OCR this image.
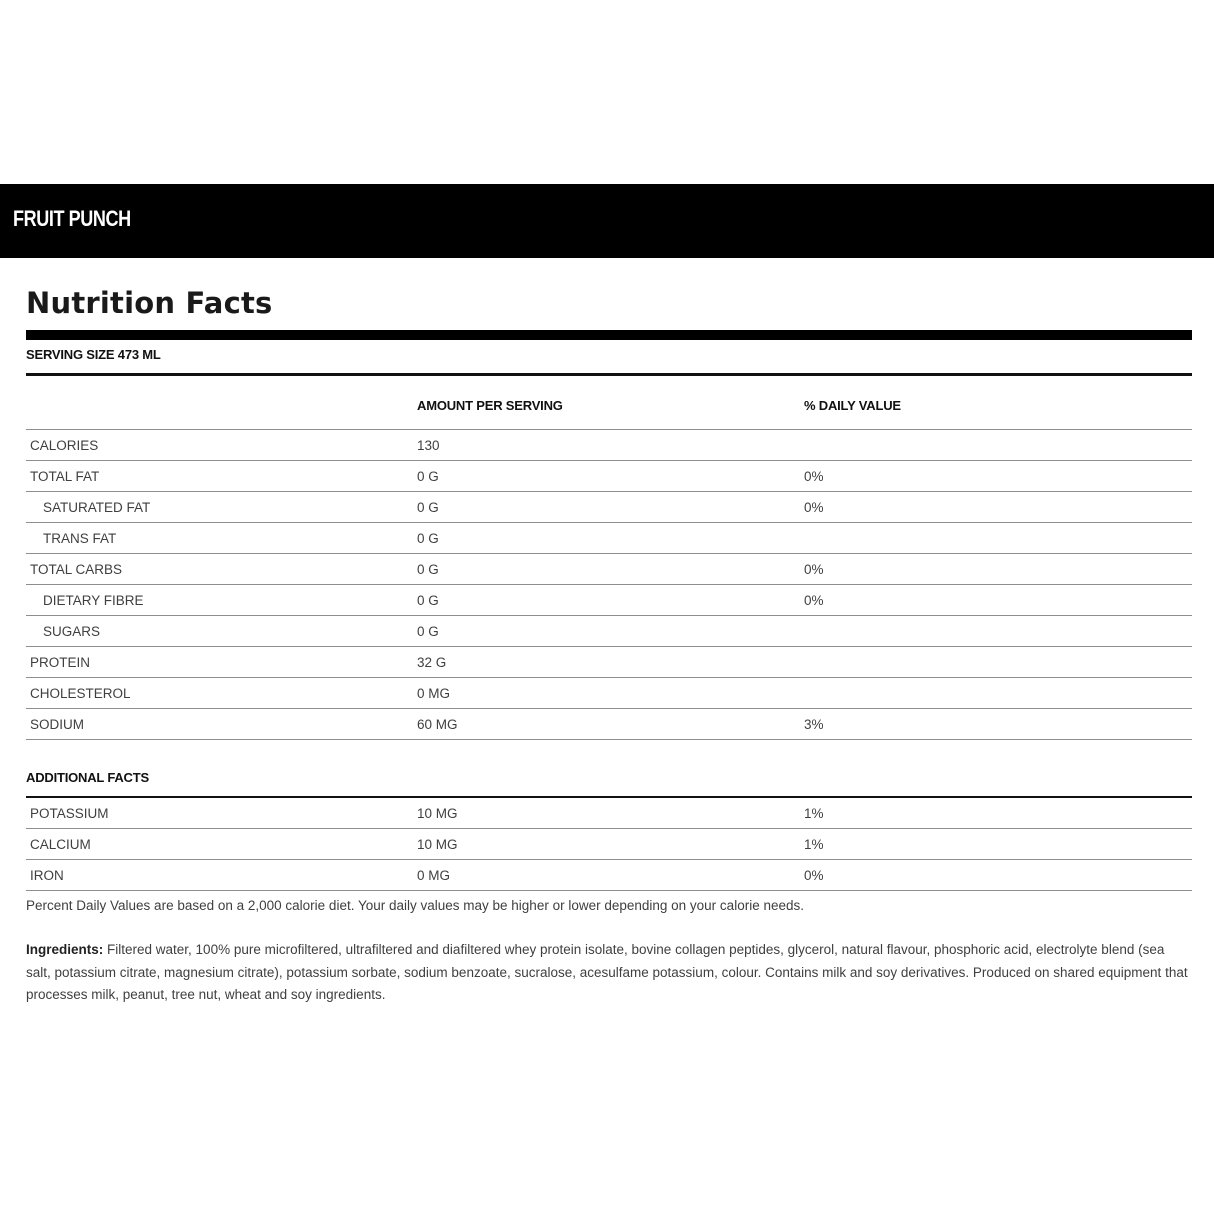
FRUIT PUNCH
Nutrition Facts
SERVING SIZE 473 ML
	AMOUNT PER SERVING	% DAILY VALUE
CALORIES	130	
TOTAL FAT	0 G	0%
SATURATED FAT	0 G	0%
TRANS FAT	0 G	
TOTAL CARBS	0 G	0%
DIETARY FIBRE	0 G	0%
SUGARS	0 G	
PROTEIN	32 G	
CHOLESTEROL	0 MG	
SODIUM	60 MG	3%
ADDITIONAL FACTS
POTASSIUM	10 MG	1%
CALCIUM	10 MG	1%
IRON	0 MG	0%
Percent Daily Values are based on a 2,000 calorie diet. Your daily values may be higher or lower depending on your calorie needs.

Ingredients: Filtered water, 100% pure microfiltered, ultrafiltered and diafiltered whey protein isolate, bovine collagen peptides, glycerol, natural flavour, phosphoric acid, electrolyte blend (sea salt, potassium citrate, magnesium citrate), potassium sorbate, sodium benzoate, sucralose, acesulfame potassium, colour. Contains milk and soy derivatives. Produced on shared equipment that processes milk, peanut, tree nut, wheat and soy ingredients.
